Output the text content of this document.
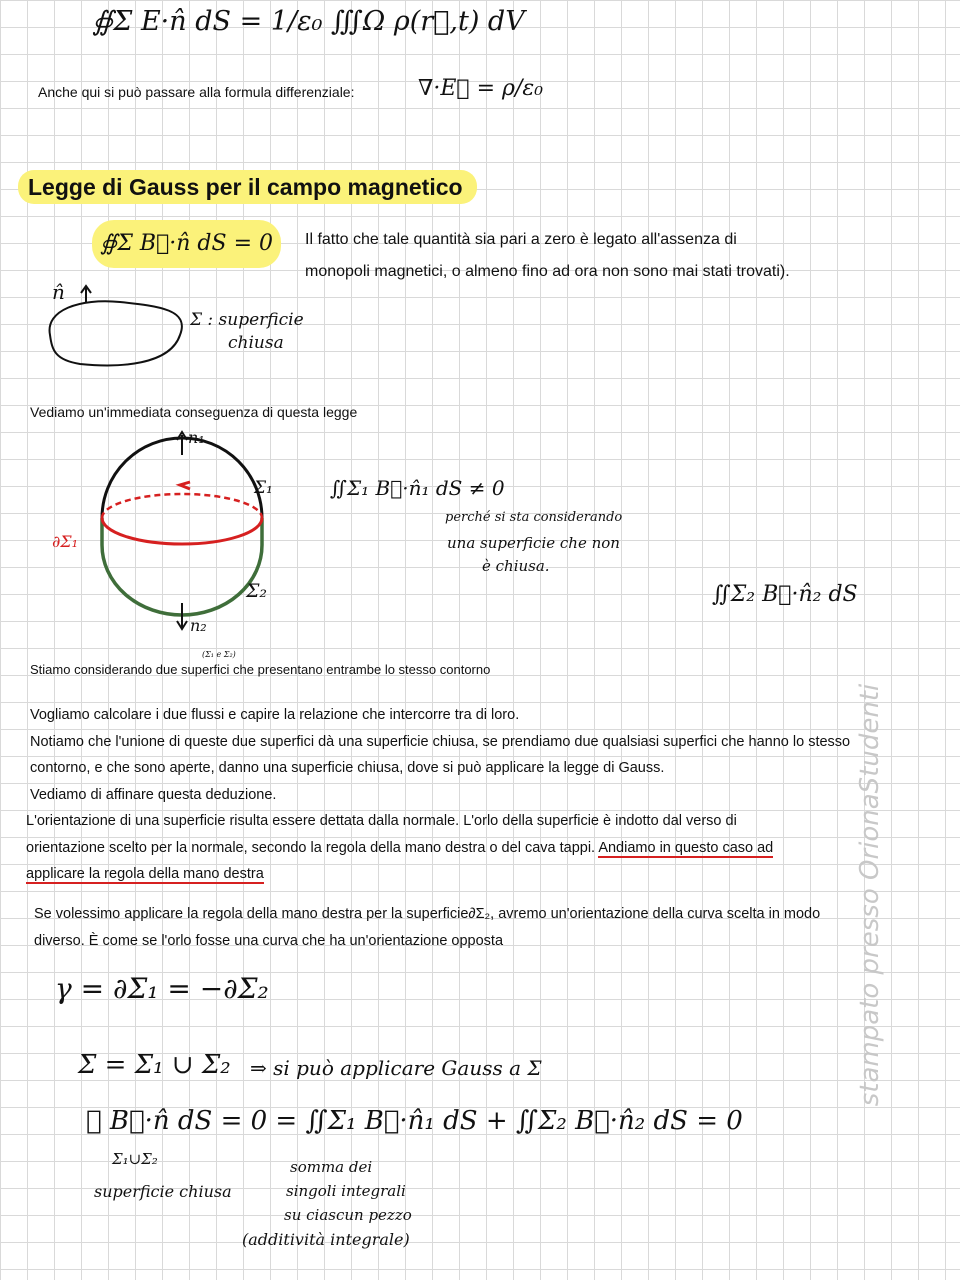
∯Σ E·n̂ dS = 1/ε₀ ∭Ω ρ(r⃗,t) dV
Anche qui si può passare alla formula differenziale:	∇·E⃗ = ρ/ε₀
Legge di Gauss per il campo magnetico
∯Σ B⃗·n̂ dS = 0	Il fatto che tale quantità sia pari a zero è legato all'assenza di
monopoli magnetici, o almeno fino ad ora non sono mai stati trovati).
n̂
Σ : superficie
chiusa
Vediamo un'immediata conseguenza di questa legge
n₁
n₂
Σ₁
Σ₂
∂Σ₁
∬Σ₁ B⃗·n̂₁ dS ≠ 0
perché si sta considerando
una superficie che non
è chiusa.
∬Σ₂ B⃗·n̂₂ dS
(Σ₁ e Σ₂)
Stiamo considerando due superfici che presentano entrambe lo stesso contorno
Vogliamo calcolare i due flussi e capire la relazione che intercorre tra di loro.
Notiamo che l'unione di queste due superfici dà una superficie chiusa, se prendiamo due qualsiasi superfici che hanno lo stesso
contorno, e che sono aperte, danno una superficie chiusa, dove si può applicare la legge di Gauss.
Vediamo di affinare questa deduzione.
L'orientazione di una superficie risulta essere dettata dalla normale. L'orlo della superficie è indotto dal verso di
orientazione scelto per la normale, secondo la regola della mano destra o del cava tappi. Andiamo in questo caso ad
applicare la regola della mano destra
Se volessimo applicare la regola della mano destra per la superficie∂Σ₂, avremo un'orientazione della curva scelta in modo
diverso. È come se l'orlo fosse una curva che ha un'orientazione opposta
γ = ∂Σ₁ = −∂Σ₂
Σ = Σ₁ ∪ Σ₂ ⇒ si può applicare Gauss a Σ
∯ B⃗·n̂ dS = 0 = ∬Σ₁ B⃗·n̂₁ dS + ∬Σ₂ B⃗·n̂₂ dS = 0
Σ₁∪Σ₂
superficie chiusa
somma dei
singoli integrali
su ciascun pezzo
(additività integrale)
stampato presso OrionaStudenti
